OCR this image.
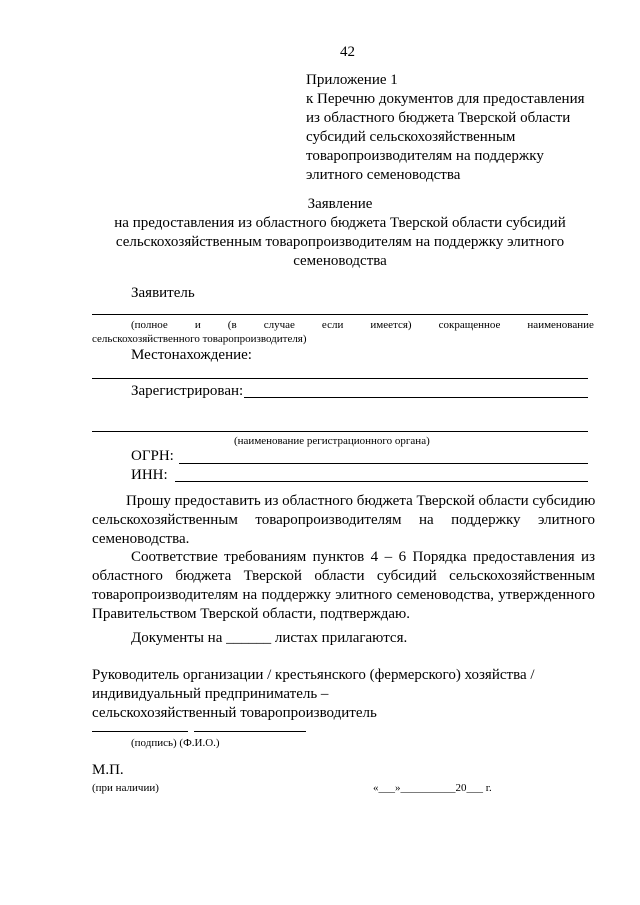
42
Приложение 1
к Перечню документов для предоставления
из областного бюджета Тверской области
субсидий сельскохозяйственным
товаропроизводителям на поддержку
элитного семеноводства
Заявление
на предоставления из областного бюджета Тверской области субсидий
сельскохозяйственным товаропроизводителям на поддержку элитного
семеноводства
Заявитель
(полное и (в случае если имеется) сокращенное наименование
сельскохозяйственного товаропроизводителя)
Местонахождение:
Зарегистрирован:
(наименование регистрационного органа)
ОГРН:
ИНН:
Прошу предоставить из областного бюджета Тверской области субсидию
сельскохозяйственным товаропроизводителям на поддержку элитного
семеноводства.
Соответствие требованиям пунктов 4 – 6 Порядка предоставления из
областного бюджета Тверской области субсидий сельскохозяйственным
товаропроизводителям на поддержку элитного семеноводства, утвержденного
Правительством Тверской области, подтверждаю.
Документы на ______ листах прилагаются.
Руководитель организации / крестьянского (фермерского) хозяйства /
индивидуальный предприниматель –
сельскохозяйственный товаропроизводитель
(подпись) (Ф.И.О.)
М.П.
(при наличии)	«___»__________20___ г.
